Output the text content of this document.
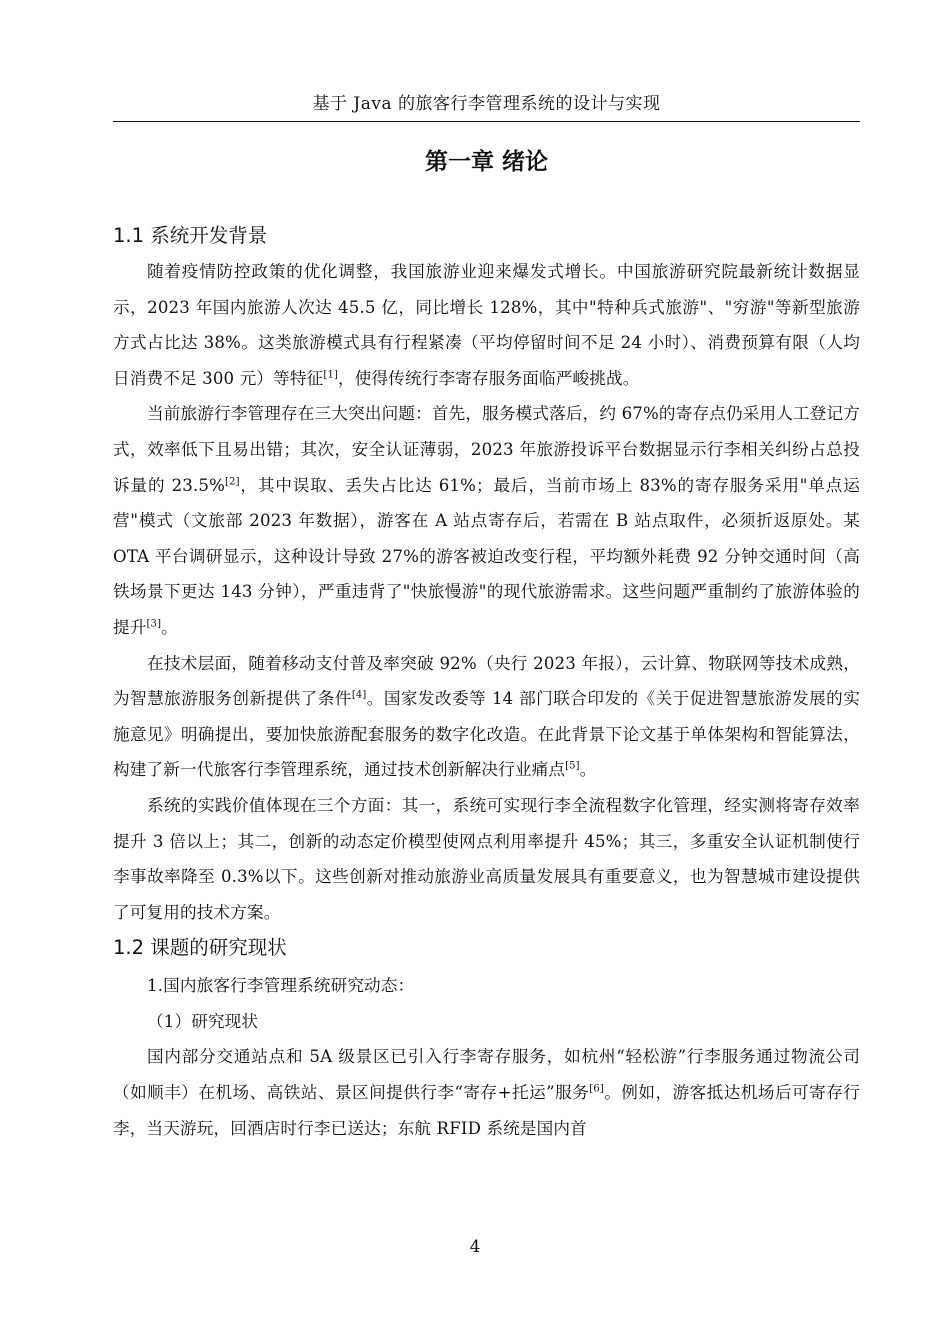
基于 Java 的旅客行李管理系统的设计与实现
第一章 绪论
1.1 系统开发背景

随着疫情防控政策的优化调整，我国旅游业迎来爆发式增长。中国旅游研究院最新统计数据显示，2023 年国内旅游人次达 45.5 亿，同比增长 128%，其中"特种兵式旅游"、"穷游"等新型旅游方式占比达 38%。这类旅游模式具有行程紧凑（平均停留时间不足 24 小时）、消费预算有限（人均日消费不足 300 元）等特征[1]，使得传统行李寄存服务面临严峻挑战。

当前旅游行李管理存在三大突出问题：首先，服务模式落后，约 67%的寄存点仍采用人工登记方式，效率低下且易出错；其次，安全认证薄弱，2023 年旅游投诉平台数据显示行李相关纠纷占总投诉量的 23.5%[2]，其中误取、丢失占比达 61%；最后，当前市场上 83%的寄存服务采用"单点运营"模式（文旅部 2023 年数据），游客在 A 站点寄存后，若需在 B 站点取件，必须折返原处。某 OTA 平台调研显示，这种设计导致 27%的游客被迫改变行程，平均额外耗费 92 分钟交通时间（高铁场景下更达 143 分钟），严重违背了"快旅慢游"的现代旅游需求。这些问题严重制约了旅游体验的提升[3]。

在技术层面，随着移动支付普及率突破 92%（央行 2023 年报），云计算、物联网等技术成熟，为智慧旅游服务创新提供了条件[4]。国家发改委等 14 部门联合印发的《关于促进智慧旅游发展的实施意见》明确提出，要加快旅游配套服务的数字化改造。在此背景下论文基于单体架构和智能算法，构建了新一代旅客行李管理系统，通过技术创新解决行业痛点[5]。

系统的实践价值体现在三个方面：其一，系统可实现行李全流程数字化管理，经实测将寄存效率提升 3 倍以上；其二，创新的动态定价模型使网点利用率提升 45%；其三，多重安全认证机制使行李事故率降至 0.3%以下。这些创新对推动旅游业高质量发展具有重要意义，也为智慧城市建设提供了可复用的技术方案。

1.2 课题的研究现状

1.国内旅客行李管理系统研究动态：

（1）研究现状

国内部分交通站点和 5A 级景区已引入行李寄存服务，如杭州“轻松游”行李服务通过物流公司（如顺丰）在机场、高铁站、景区间提供行李“寄存+托运”服务[6]。例如，游客抵达机场后可寄存行李，当天游玩，回酒店时行李已送达；东航 RFID 系统是国内首

4
